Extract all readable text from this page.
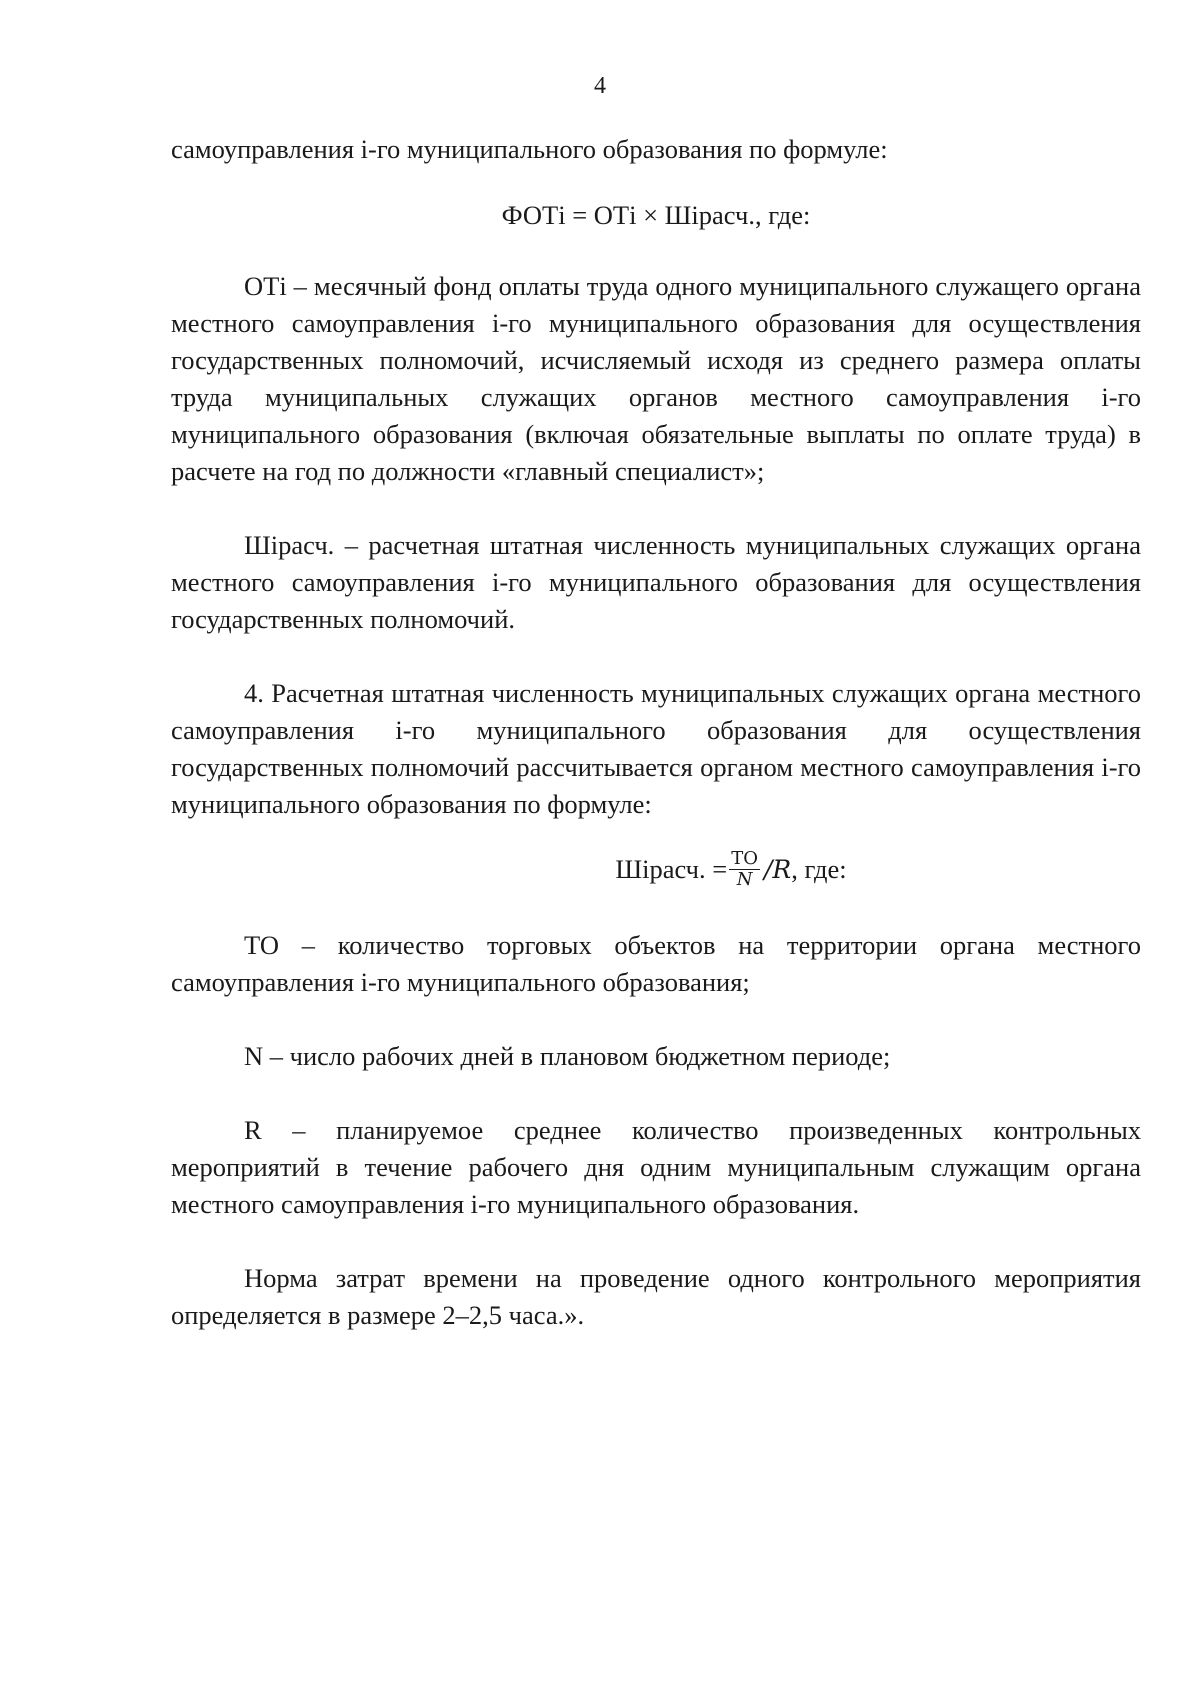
4

самоуправления i-го муниципального образования по формуле:

ФОТi = ОТi × Шiрасч., где:

ОТi – месячный фонд оплаты труда одного муниципального служащего органа местного самоуправления i-го муниципального образования для осуществления государственных полномочий, исчисляемый исходя из среднего размера оплаты труда муниципальных служащих органов местного самоуправления i-го муниципального образования (включая обязательные выплаты по оплате труда) в расчете на год по должности «главный специалист»;

Шiрасч. – расчетная штатная численность муниципальных служащих органа местного самоуправления i-го муниципального образования для осуществления государственных полномочий.

4. Расчетная штатная численность муниципальных служащих органа местного самоуправления i-го муниципального образования для осуществления государственных полномочий рассчитывается органом местного самоуправления i-го муниципального образования по формуле:

Шiрасч. = $\frac{ТО}{N} /R$, где:

ТО – количество торговых объектов на территории органа местного самоуправления i-го муниципального образования;

N – число рабочих дней в плановом бюджетном периоде;

R – планируемое среднее количество произведенных контрольных мероприятий в течение рабочего дня одним муниципальным служащим органа местного самоуправления i-го муниципального образования.

Норма затрат времени на проведение одного контрольного мероприятия определяется в размере 2–2,5 часа.».
